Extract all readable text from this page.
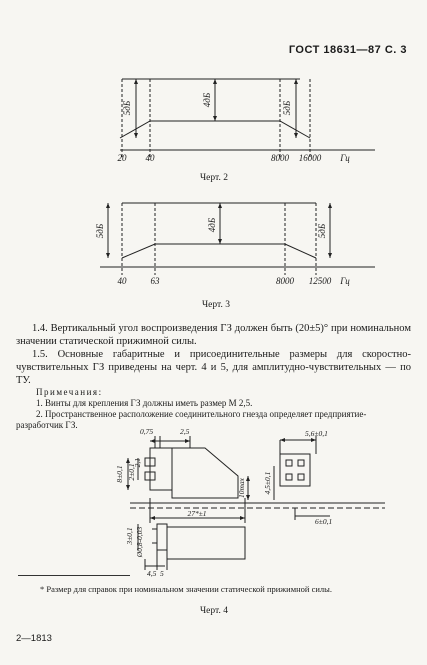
ГОСТ 18631—87 С. 3
5дБ
4дБ
5дБ
20 40	8000 16000 Гц
Черт. 2
5дБ	4дБ	5дБ
40	63	8000 12500 Гц
Черт. 3

1.4. Вертикальный угол воспроизведения ГЗ должен быть (20±5)° при номинальном значении статической прижимной силы.

1.5. Основные габаритные и присоединительные размеры для скоростно-чувствительных ГЗ приведены на черт. 4 и 5, для амплитудно-чувствительных — по ТУ.

Примечания:

1. Винты для крепления ГЗ должны иметь размер М 2,5.

2. Пространственное расположение соединительного гнезда определяет предприятие-разработчик ГЗ.

0,75	2,5
2,1
8±0,1 2±0,1
10max
27*±1
3±0,1 Ø0,8-0,03
4,5 5
5,6±0,1
4,5±0,1
6±0,1

* Размер для справок при номинальном значении статической прижимной силы.

Черт. 4
2—1813
